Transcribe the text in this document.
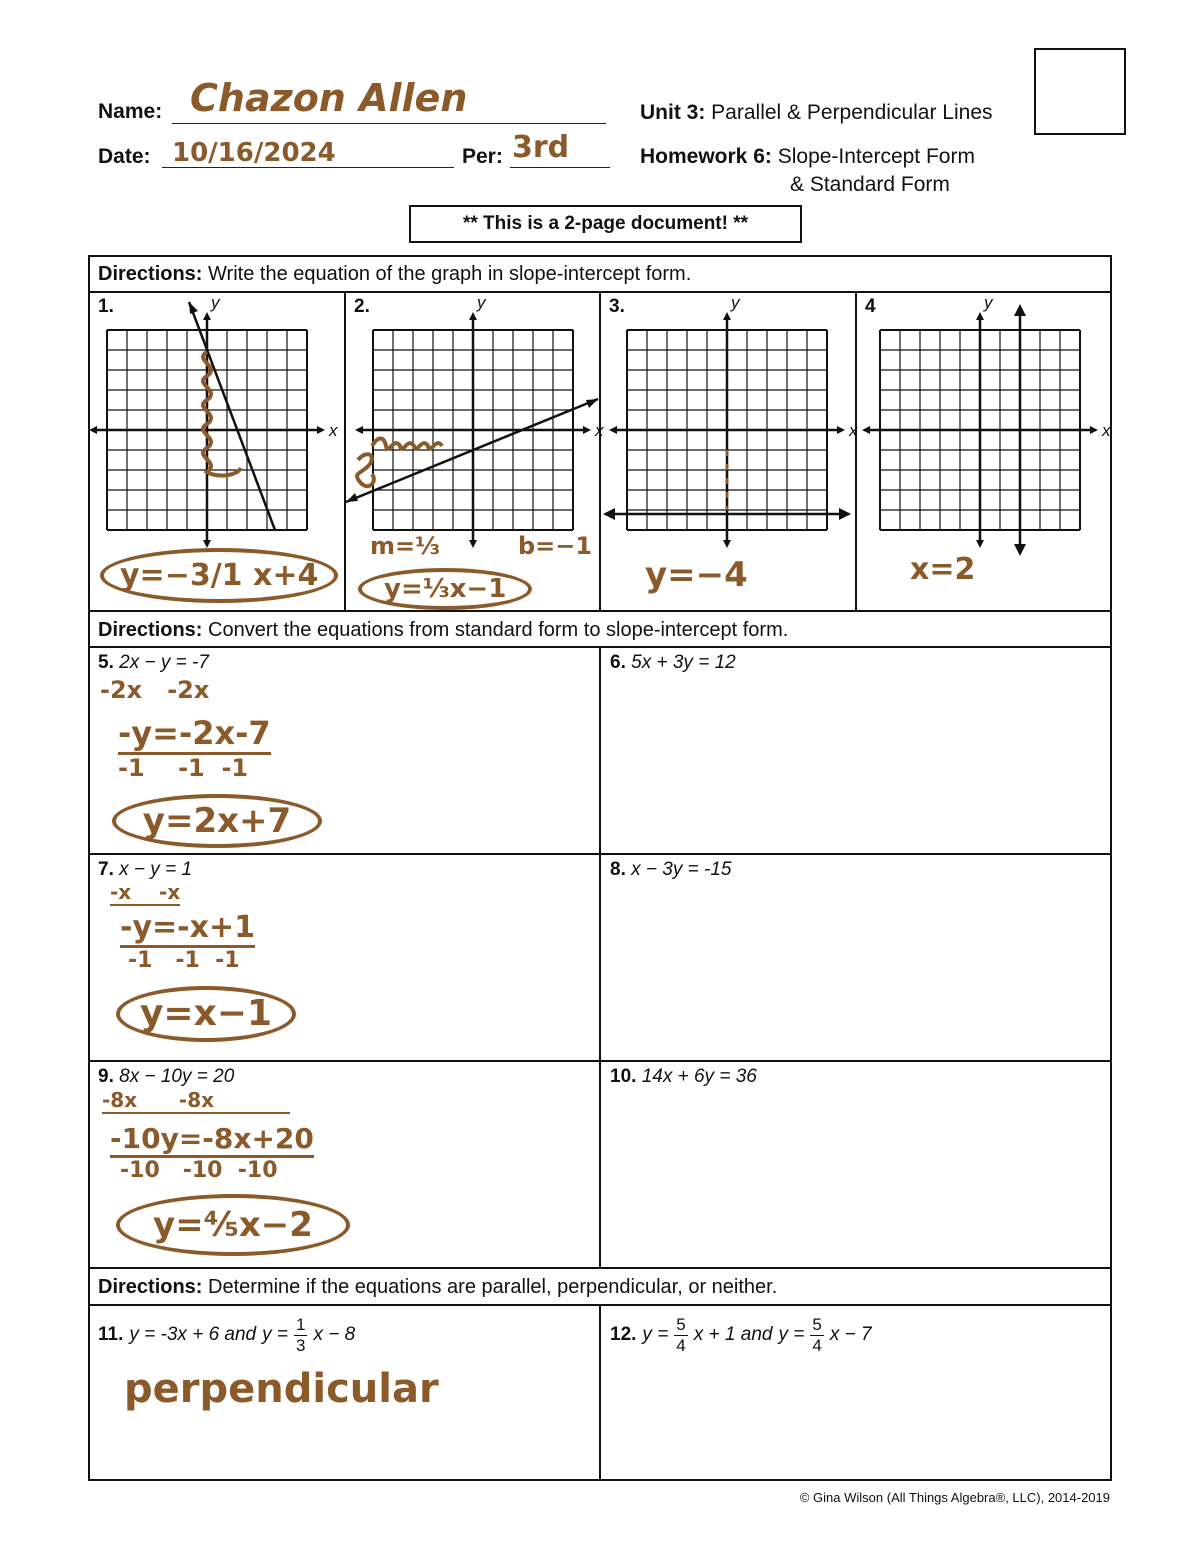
Name: Chazon Allen
Date: 10/16/2024	Per: 3rd
Unit 3: Parallel & Perpendicular Lines
Homework 6: Slope-Intercept Form
& Standard Form
** This is a 2-page document! **
Directions: Write the equation of the graph in slope-intercept form.
1.	2.	3.	4
x
y
x
y
x
y
x
y
y=−3/1 x+4
m=⅓	b=−1
y=⅓x−1	y=−4	x=2
Directions: Convert the equations from standard form to slope-intercept form.
5. 2x − y = -7
-2x   -2x
-y=-2x-7
-1    -1  -1
y=2x+7
6. 5x + 3y = 12
7. x − y = 1
-x    -x
-y=-x+1
-1   -1  -1
y=x−1
8. x − 3y = -15
9. 8x − 10y = 20
-8x      -8x
-10y=-8x+20
-10   -10  -10
y=⅘x−2
10. 14x + 6y = 36
Directions: Determine if the equations are parallel, perpendicular, or neither.
11. y = -3x + 6 and $y = \frac{1}{3}$ x − 8
perpendicular
12. $y = \frac{5}{4}$ x + 1 and $y = \frac{5}{4}$ x − 7
© Gina Wilson (All Things Algebra®, LLC), 2014-2019
